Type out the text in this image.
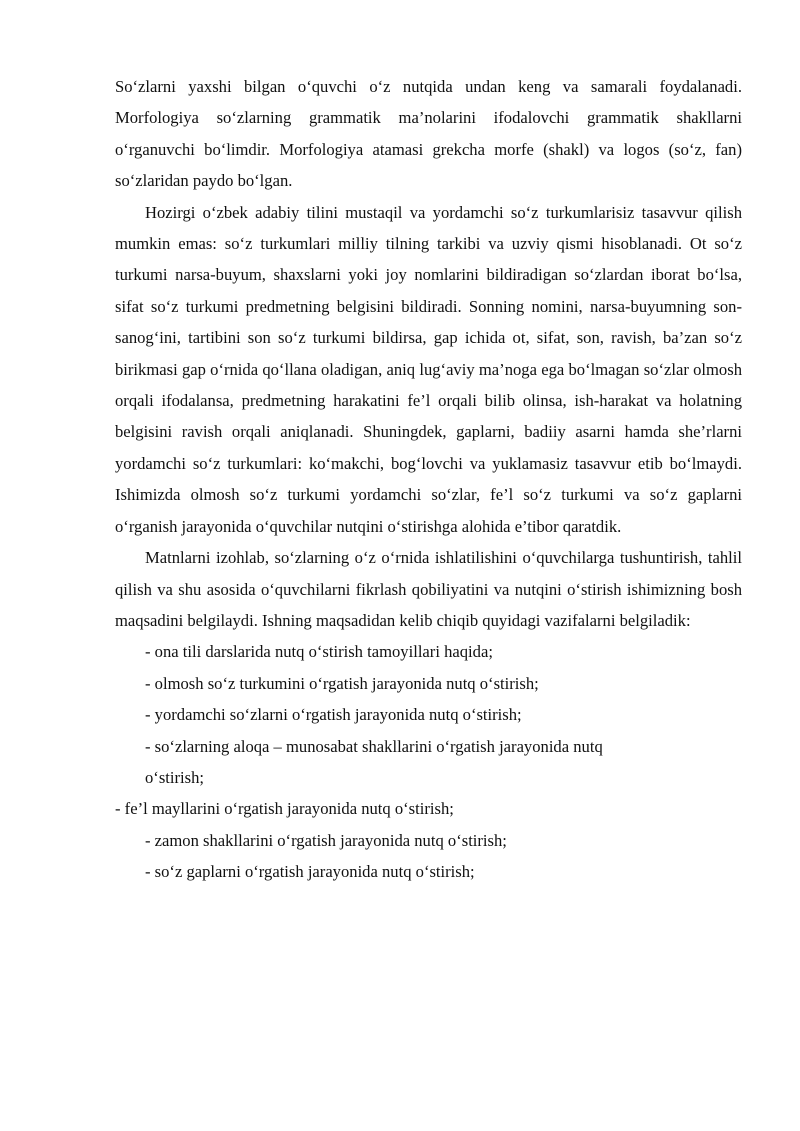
So‘zlarni yaxshi bilgan o‘quvchi o‘z nutqida undan keng va samarali foydalanadi. Morfologiya so‘zlarning grammatik ma’nolarini ifodalovchi grammatik shakllarni o‘rganuvchi bo‘limdir. Morfologiya atamasi grekcha morfe (shakl) va logos (so‘z, fan) so‘zlaridan paydo bo‘lgan.

Hozirgi o‘zbek adabiy tilini mustaqil va yordamchi so‘z turkumlarisiz tasavvur qilish mumkin emas: so‘z turkumlari milliy tilning tarkibi va uzviy qismi hisoblanadi. Ot so‘z turkumi narsa-buyum, shaxslarni yoki joy nomlarini bildiradigan so‘zlardan iborat bo‘lsa, sifat so‘z turkumi predmetning belgisini bildiradi. Sonning nomini, narsa-buyumning son-sanog‘ini, tartibini son so‘z turkumi bildirsa, gap ichida ot, sifat, son, ravish, ba’zan so‘z birikmasi gap o‘rnida qo‘llana oladigan, aniq lug‘aviy ma’noga ega bo‘lmagan so‘zlar olmosh orqali ifodalansa, predmetning harakatini fe’l orqali bilib olinsa, ish-harakat va holatning belgisini ravish orqali aniqlanadi. Shuningdek, gaplarni, badiiy asarni hamda she’rlarni yordamchi so‘z turkumlari: ko‘makchi, bog‘lovchi va yuklamasiz tasavvur etib bo‘lmaydi. Ishimizda olmosh so‘z turkumi yordamchi so‘zlar, fe’l so‘z turkumi va so‘z gaplarni o‘rganish jarayonida o‘quvchilar nutqini o‘stirishga alohida e’tibor qaratdik.

Matnlarni izohlab, so‘zlarning o‘z o‘rnida ishlatilishini o‘quvchilarga tushuntirish, tahlil qilish va shu asosida o‘quvchilarni fikrlash qobiliyatini va nutqini o‘stirish ishimizning bosh maqsadini belgilaydi. Ishning maqsadidan kelib chiqib quyidagi vazifalarni belgiladik:

- ona tili darslarida nutq o‘stirish tamoyillari haqida;
- olmosh so‘z turkumini o‘rgatish jarayonida nutq o‘stirish;
- yordamchi so‘zlarni o‘rgatish jarayonida nutq o‘stirish;
- so‘zlarning aloqa – munosabat shakllarini o‘rgatish jarayonida nutq o‘stirish;
- fe’l mayllarini o‘rgatish jarayonida nutq o‘stirish;
- zamon shakllarini o‘rgatish jarayonida nutq o‘stirish;
- so‘z gaplarni o‘rgatish jarayonida nutq o‘stirish;
